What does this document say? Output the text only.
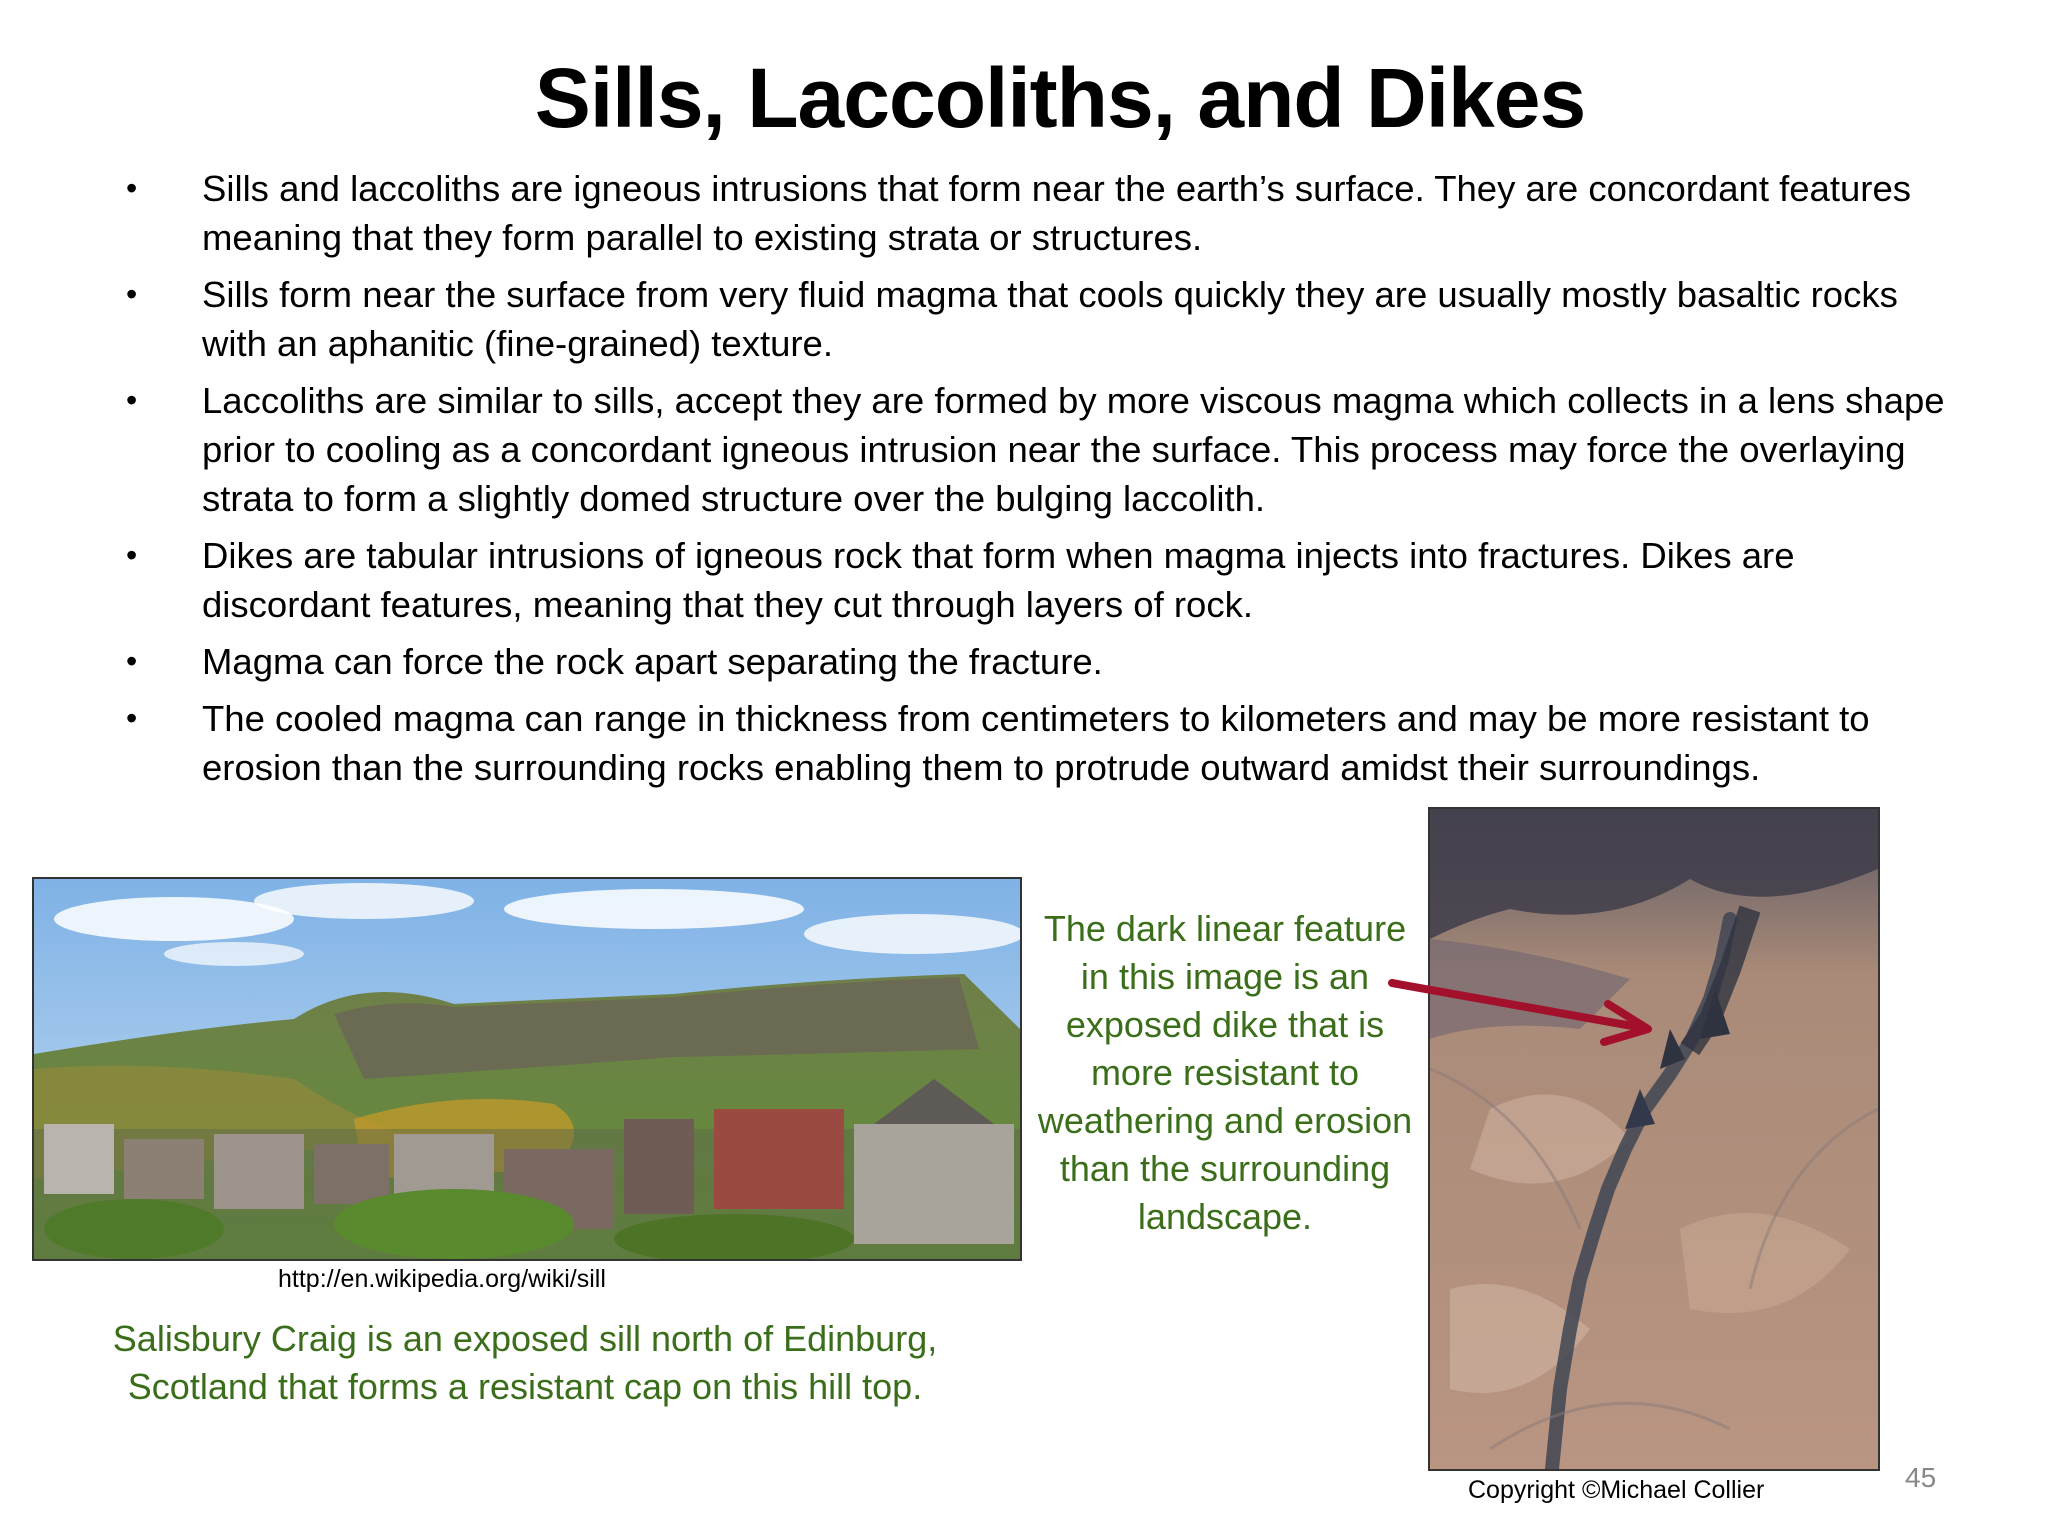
Sills, Laccoliths, and Dikes
• Sills and laccoliths are igneous intrusions that form near the earth’s surface. They are concordant features meaning that they form parallel to existing strata or structures.
• Sills form near the surface from very fluid magma that cools quickly they are usually mostly basaltic rocks with an aphanitic (fine-grained) texture.
• Laccoliths are similar to sills, accept they are formed by more viscous magma which collects in a lens shape prior to cooling as a concordant igneous intrusion near the surface. This process may force the overlaying strata to form a slightly domed structure over the bulging laccolith.
• Dikes are tabular intrusions of igneous rock that form when magma injects into fractures. Dikes are discordant features, meaning that they cut through layers of rock.
• Magma can force the rock apart separating the fracture.
• The cooled magma can range in thickness from centimeters to kilometers and may be more resistant to erosion than the surrounding rocks enabling them to protrude outward amidst their surroundings.
http://en.wikipedia.org/wiki/sill
Salisbury Craig is an exposed sill north of Edinburg, Scotland that forms a resistant cap on this hill top.
The dark linear feature in this image is an exposed dike that is more resistant to weathering and erosion than the surrounding landscape.
Copyright ©Michael Collier	45
